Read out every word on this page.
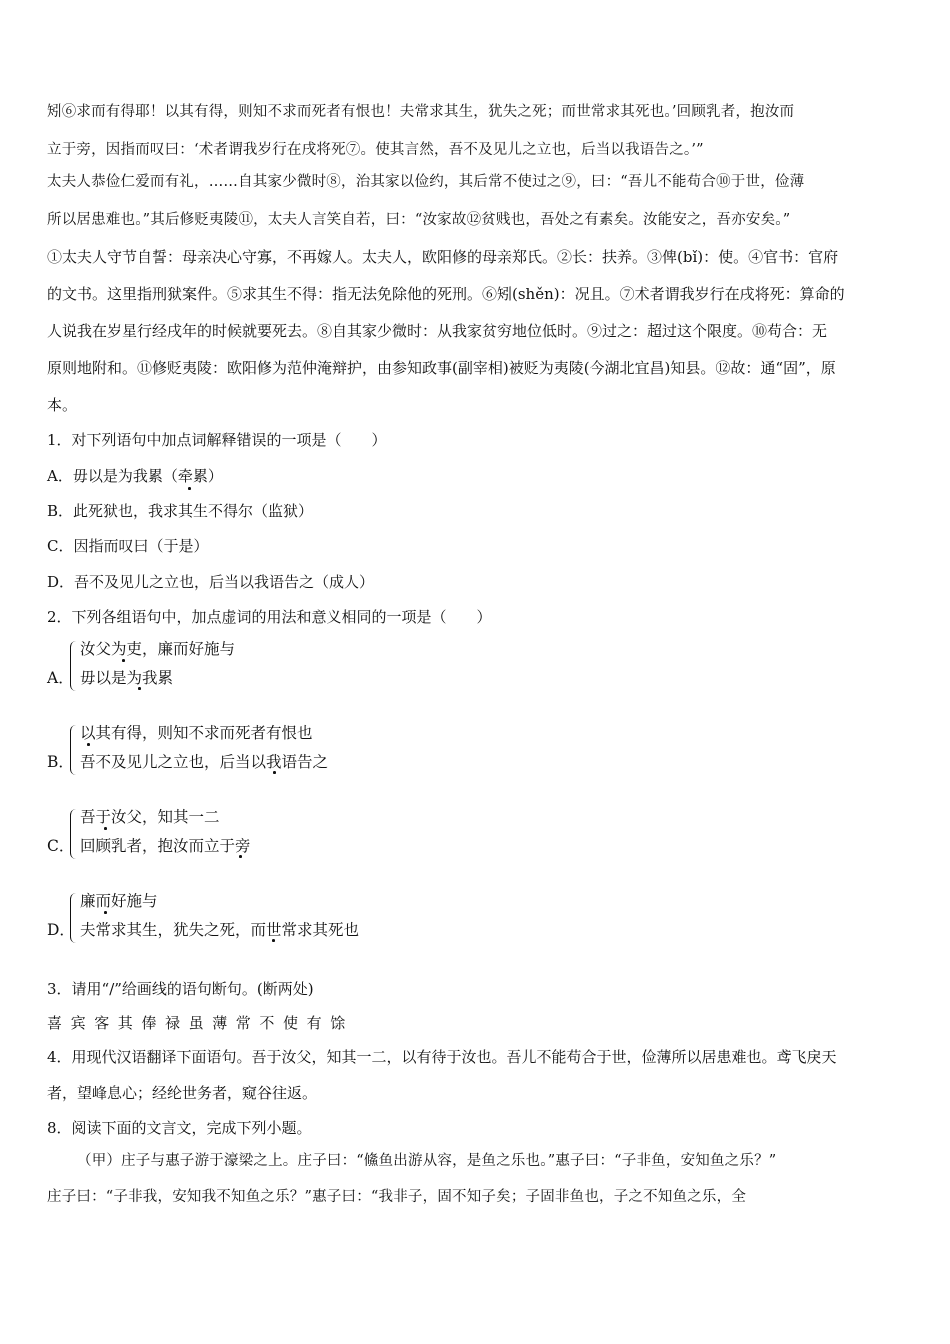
矧⑥求而有得耶！以其有得，则知不求而死者有恨也！夫常求其生，犹失之死；而世常求其死也。’回顾乳者，抱汝而
立于旁，因指而叹曰：‘术者谓我岁行在戌将死⑦。使其言然，吾不及见儿之立也，后当以我语告之。’”
太夫人恭俭仁爱而有礼，……自其家少微时⑧，治其家以俭约，其后常不使过之⑨，曰：“吾儿不能苟合⑩于世，俭薄
所以居患难也。”其后修贬夷陵⑪，太夫人言笑自若，曰：“汝家故⑫贫贱也，吾处之有素矣。汝能安之，吾亦安矣。”
①太夫人守节自誓：母亲决心守寡，不再嫁人。太夫人，欧阳修的母亲郑氏。②长：扶养。③俾(bǐ)：使。④官书：官府
的文书。这里指刑狱案件。⑤求其生不得：指无法免除他的死刑。⑥矧(shěn)：况且。⑦术者谓我岁行在戌将死：算命的
人说我在岁星行经戌年的时候就要死去。⑧自其家少微时：从我家贫穷地位低时。⑨过之：超过这个限度。⑩苟合：无
原则地附和。⑪修贬夷陵：欧阳修为范仲淹辩护，由参知政事(副宰相)被贬为夷陵(今湖北宜昌)知县。⑫故：通“固”，原
本。
1．对下列语句中加点词解释错误的一项是（　　）
A．毋以是为我累（牵累）
B．此死狱也，我求其生不得尔（监狱）
C．因指而叹曰（于是）
D．吾不及见儿之立也，后当以我语告之（成人）
2．下列各组语句中，加点虚词的用法和意义相同的一项是（　　）
汝父为吏，廉而好施与
A． 毋以是为我累
以其有得，则知不求而死者有恨也
B． 吾不及见儿之立也，后当以我语告之
吾于汝父，知其一二
C． 回顾乳者，抱汝而立于旁
廉而好施与
D． 夫常求其生，犹失之死，而世常求其死也
3．请用“/”给画线的语句断句。(断两处)
喜宾客其俸禄虽薄常不使有馀
4．用现代汉语翻译下面语句。吾于汝父，知其一二，以有待于汝也。吾儿不能苟合于世，俭薄所以居患难也。鸢飞戾天
者，望峰息心；经纶世务者，窥谷往返。
8．阅读下面的文言文，完成下列小题。
（甲）庄子与惠子游于濠梁之上。庄子曰：“鯈鱼出游从容，是鱼之乐也。”惠子曰：“子非鱼，安知鱼之乐？”
庄子曰：“子非我，安知我不知鱼之乐？”惠子曰：“我非子，固不知子矣；子固非鱼也，子之不知鱼之乐，全
